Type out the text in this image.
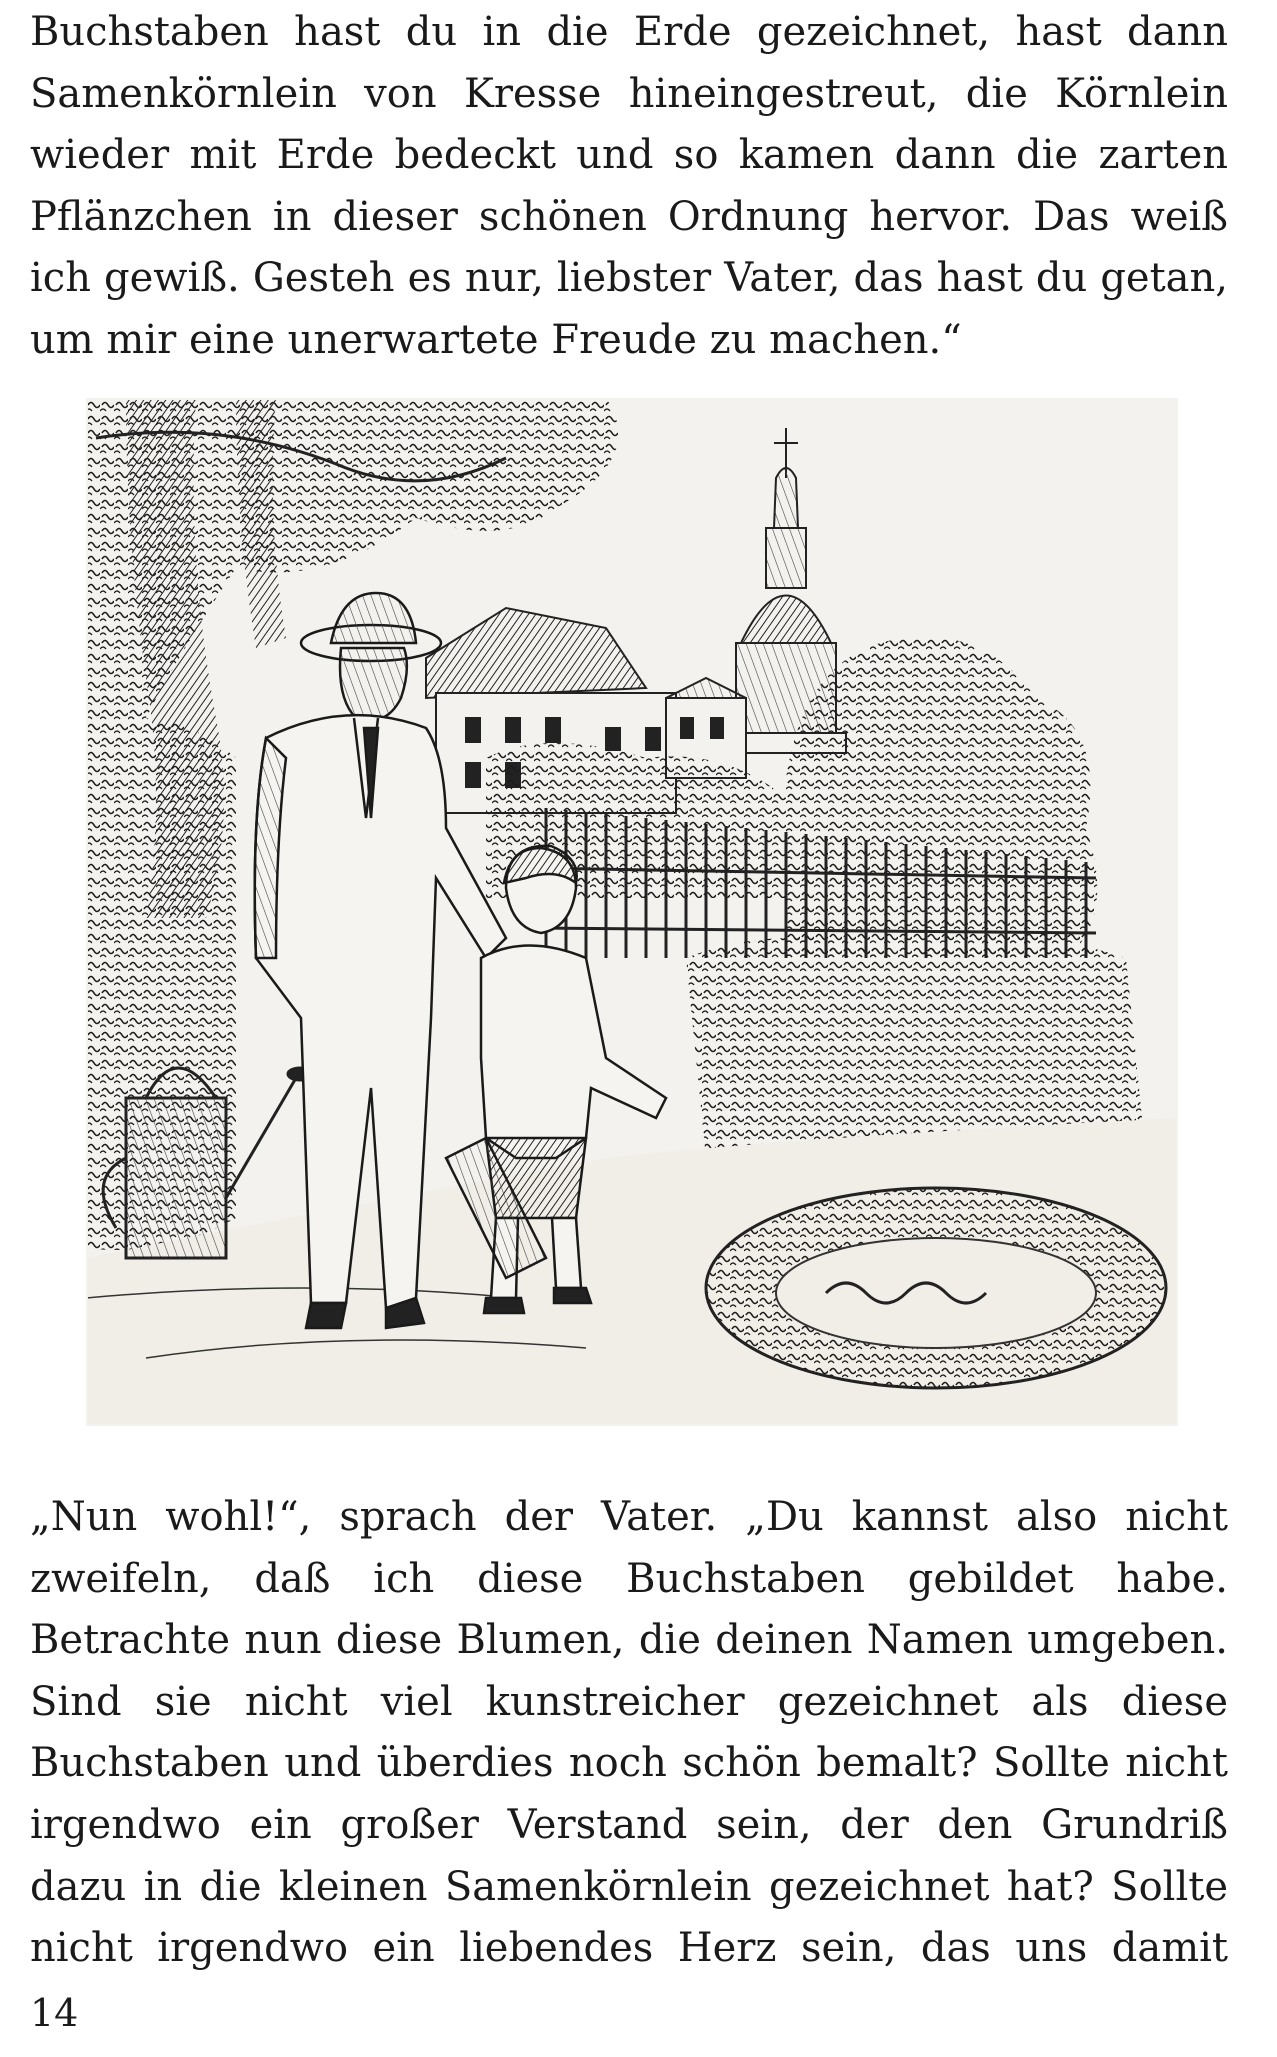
Buchstaben hast du in die Erde gezeichnet, hast dann
Samenkörnlein von Kresse hineingestreut, die Körnlein
wieder mit Erde bedeckt und so kamen dann die zarten
Pflänzchen in dieser schönen Ordnung hervor. Das weiß
ich gewiß. Gesteh es nur, liebster Vater, das hast du getan,
um mir eine unerwartete Freude zu machen.“
„Nun wohl!“, sprach der Vater. „Du kannst also nicht
zweifeln, daß ich diese Buchstaben gebildet habe.
Betrachte nun diese Blumen, die deinen Namen umgeben.
Sind sie nicht viel kunstreicher gezeichnet als diese
Buchstaben und überdies noch schön bemalt? Sollte nicht
irgendwo ein großer Verstand sein, der den Grundriß
dazu in die kleinen Samenkörnlein gezeichnet hat? Sollte
nicht irgendwo ein liebendes Herz sein, das uns damit
14
